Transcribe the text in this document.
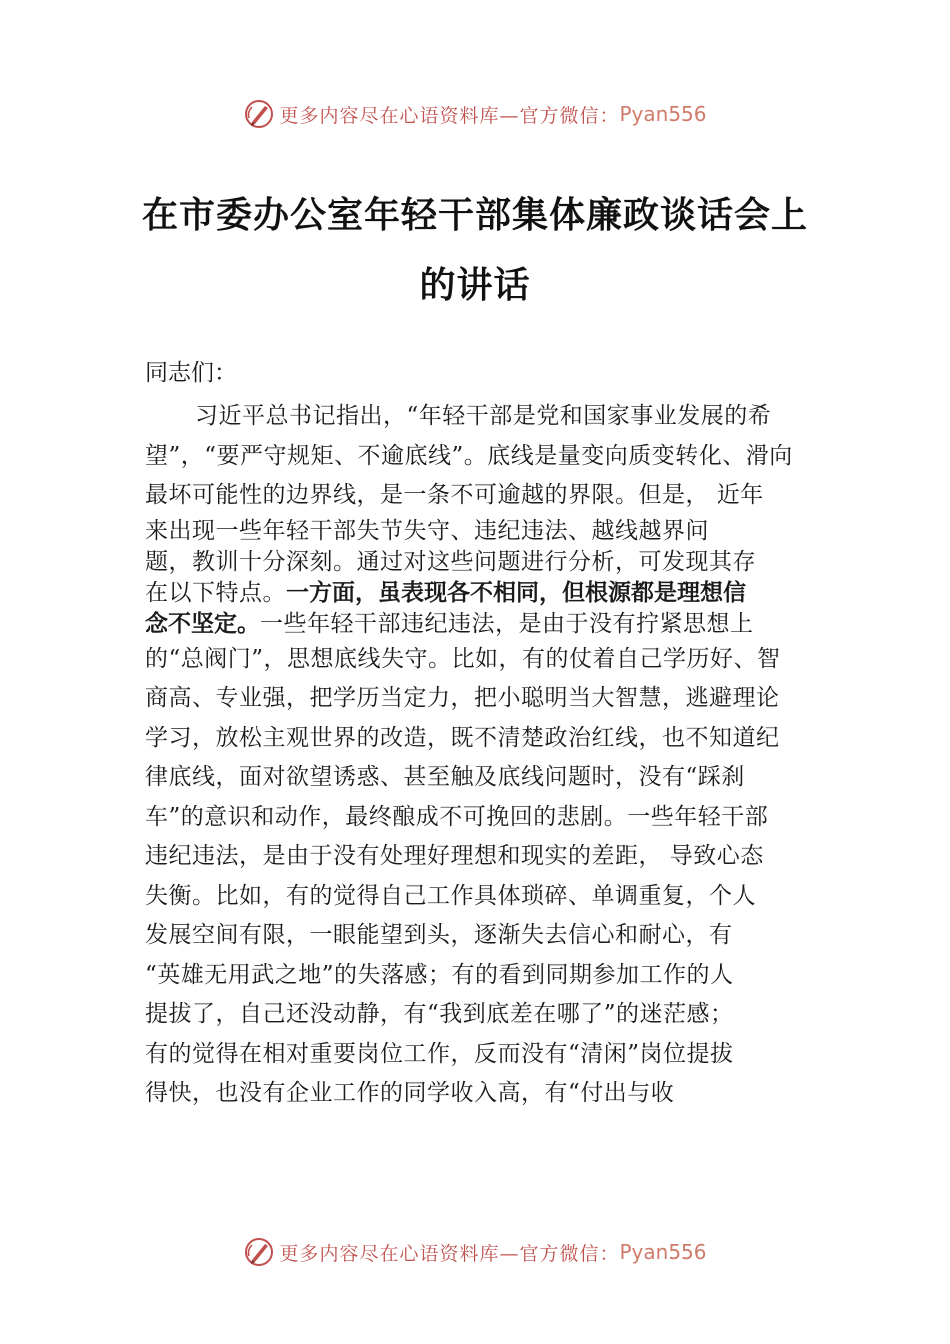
更多内容尽在心语资料库—官方微信： Pyan556
在市委办公室年轻干部集体廉政谈话会上
的讲话
同志们：
习近平总书记指出，“年轻干部是党和国家事业发展的希
望”，“要严守规矩、不逾底线”。底线是量变向质变转化、滑向
最坏可能性的边界线，是一条不可逾越的界限。但是， 近年
来出现一些年轻干部失节失守、违纪违法、越线越界问
题，教训十分深刻。通过对这些问题进行分析，可发现其存
在以下特点。一方面，虽表现各不相同，但根源都是理想信
念不坚定。一些年轻干部违纪违法，是由于没有拧紧思想上
的“总阀门”，思想底线失守。比如，有的仗着自己学历好、智
商高、专业强，把学历当定力，把小聪明当大智慧，逃避理论
学习，放松主观世界的改造，既不清楚政治红线，也不知道纪
律底线，面对欲望诱惑、甚至触及底线问题时，没有“踩刹
车”的意识和动作，最终酿成不可挽回的悲剧。一些年轻干部
违纪违法，是由于没有处理好理想和现实的差距， 导致心态
失衡。比如，有的觉得自己工作具体琐碎、单调重复，个人
发展空间有限，一眼能望到头，逐渐失去信心和耐心，有
“英雄无用武之地”的失落感；有的看到同期参加工作的人
提拔了，自己还没动静，有“我到底差在哪了”的迷茫感；
有的觉得在相对重要岗位工作，反而没有“清闲”岗位提拔
得快，也没有企业工作的同学收入高，有“付出与收
更多内容尽在心语资料库—官方微信： Pyan556
